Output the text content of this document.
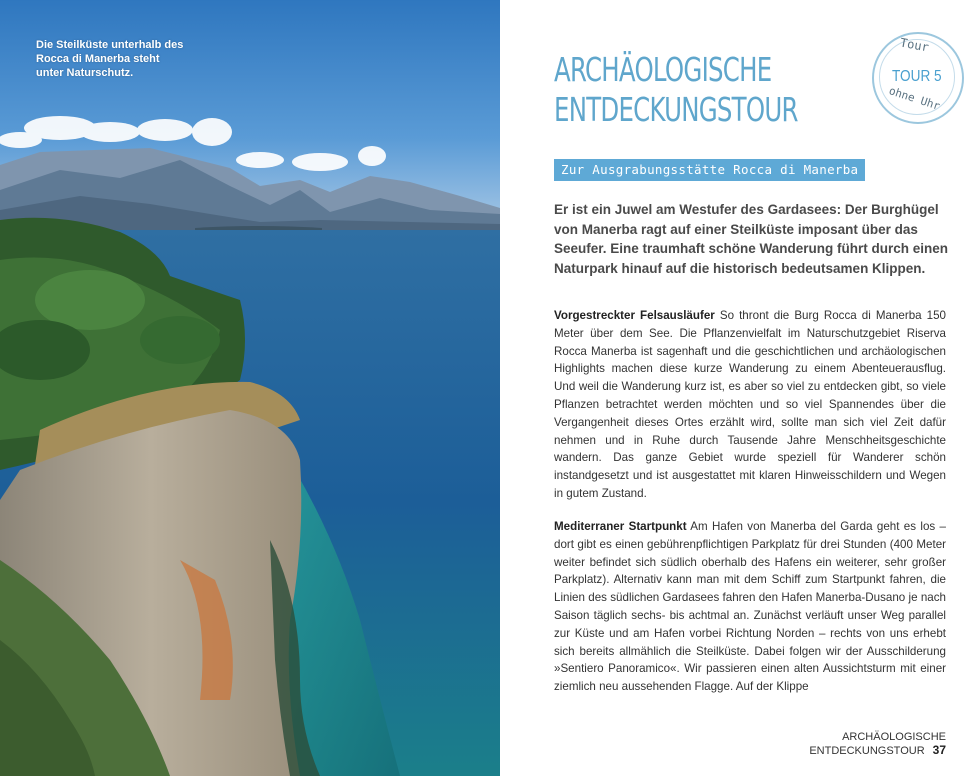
Die Steilküste unterhalb des Rocca di Manerba steht unter Naturschutz.	ARCHÄOLOGISCHE
ENTDECKUNGSTOUR
Tour
TOUR 5
ohne Uhr
Zur Ausgrabungsstätte Rocca di Manerba

Er ist ein Juwel am Westufer des Gardasees: Der Burghügel von Manerba ragt auf einer Steilküste imposant über das Seeufer. Eine traumhaft schöne Wanderung führt durch einen Naturpark hinauf auf die historisch bedeutsamen Klippen.

Vorgestreckter Felsausläufer So thront die Burg Rocca di Manerba 150 Meter über dem See. Die Pflanzenvielfalt im Naturschutzgebiet Riserva Rocca Manerba ist sagenhaft und die geschichtlichen und archäologischen Highlights machen diese kurze Wanderung zu einem Abenteuerausflug. Und weil die Wanderung kurz ist, es aber so viel zu entdecken gibt, so viele Pflanzen betrachtet werden möchten und so viel Spannendes über die Vergangenheit dieses Ortes erzählt wird, sollte man sich viel Zeit dafür nehmen und in Ruhe durch Tausende Jahre Menschheitsgeschichte wandern. Das ganze Gebiet wurde speziell für Wanderer schön instandgesetzt und ist ausgestattet mit klaren Hinweisschildern und Wegen in gutem Zustand.

Mediterraner Startpunkt Am Hafen von Manerba del Garda geht es los – dort gibt es einen gebührenpflichtigen Parkplatz für drei Stunden (400 Meter weiter befindet sich südlich oberhalb des Hafens ein weiterer, sehr großer Parkplatz). Alternativ kann man mit dem Schiff zum Startpunkt fahren, die Linien des südlichen Gardasees fahren den Hafen Manerba-Dusano je nach Saison täglich sechs- bis achtmal an. Zunächst verläuft unser Weg parallel zur Küste und am Hafen vorbei Richtung Norden – rechts von uns erhebt sich bereits allmählich die Steilküste. Dabei folgen wir der Ausschilderung »Sentiero Panoramico«. Wir passieren einen alten Aussichtsturm mit einer ziemlich neu aussehenden Flagge. Auf der Klippe

ARCHÄOLOGISCHE ENTDECKUNGSTOUR 37
